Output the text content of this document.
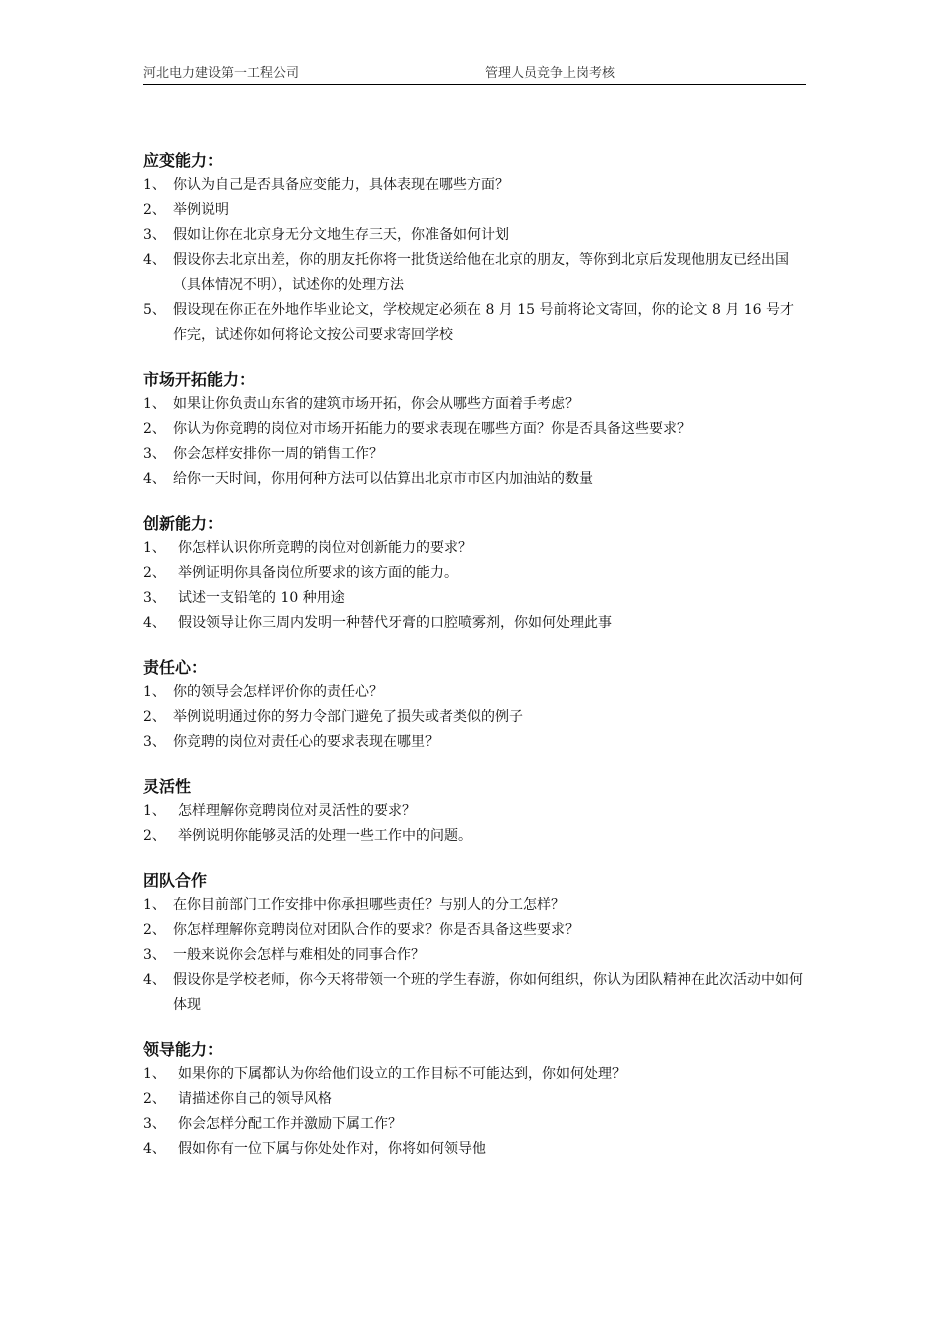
河北电力建设第一工程公司	管理人员竞争上岗考核
应变能力：
1、 你认为自己是否具备应变能力，具体表现在哪些方面？
2、 举例说明
3、 假如让你在北京身无分文地生存三天，你准备如何计划
4、 假设你去北京出差，你的朋友托你将一批货送给他在北京的朋友，等你到北京后发现他朋友已经出国（具体情况不明），试述你的处理方法
5、 假设现在你正在外地作毕业论文，学校规定必须在 8 月 15 号前将论文寄回，你的论文 8 月 16 号才作完，试述你如何将论文按公司要求寄回学校
市场开拓能力：
1、 如果让你负责山东省的建筑市场开拓，你会从哪些方面着手考虑？
2、 你认为你竞聘的岗位对市场开拓能力的要求表现在哪些方面？你是否具备这些要求？
3、 你会怎样安排你一周的销售工作？
4、 给你一天时间，你用何种方法可以估算出北京市市区内加油站的数量
创新能力：
1、 你怎样认识你所竞聘的岗位对创新能力的要求？
2、 举例证明你具备岗位所要求的该方面的能力。
3、 试述一支铅笔的 10 种用途
4、 假设领导让你三周内发明一种替代牙膏的口腔喷雾剂，你如何处理此事
责任心：
1、 你的领导会怎样评价你的责任心？
2、 举例说明通过你的努力令部门避免了损失或者类似的例子
3、 你竞聘的岗位对责任心的要求表现在哪里？
灵活性
1、 怎样理解你竞聘岗位对灵活性的要求？
2、 举例说明你能够灵活的处理一些工作中的问题。
团队合作
1、 在你目前部门工作安排中你承担哪些责任？与别人的分工怎样？
2、 你怎样理解你竞聘岗位对团队合作的要求？你是否具备这些要求？
3、 一般来说你会怎样与难相处的同事合作？
4、 假设你是学校老师，你今天将带领一个班的学生春游，你如何组织，你认为团队精神在此次活动中如何体现
领导能力：
1、 如果你的下属都认为你给他们设立的工作目标不可能达到，你如何处理？
2、 请描述你自己的领导风格
3、 你会怎样分配工作并激励下属工作？
4、 假如你有一位下属与你处处作对，你将如何领导他
